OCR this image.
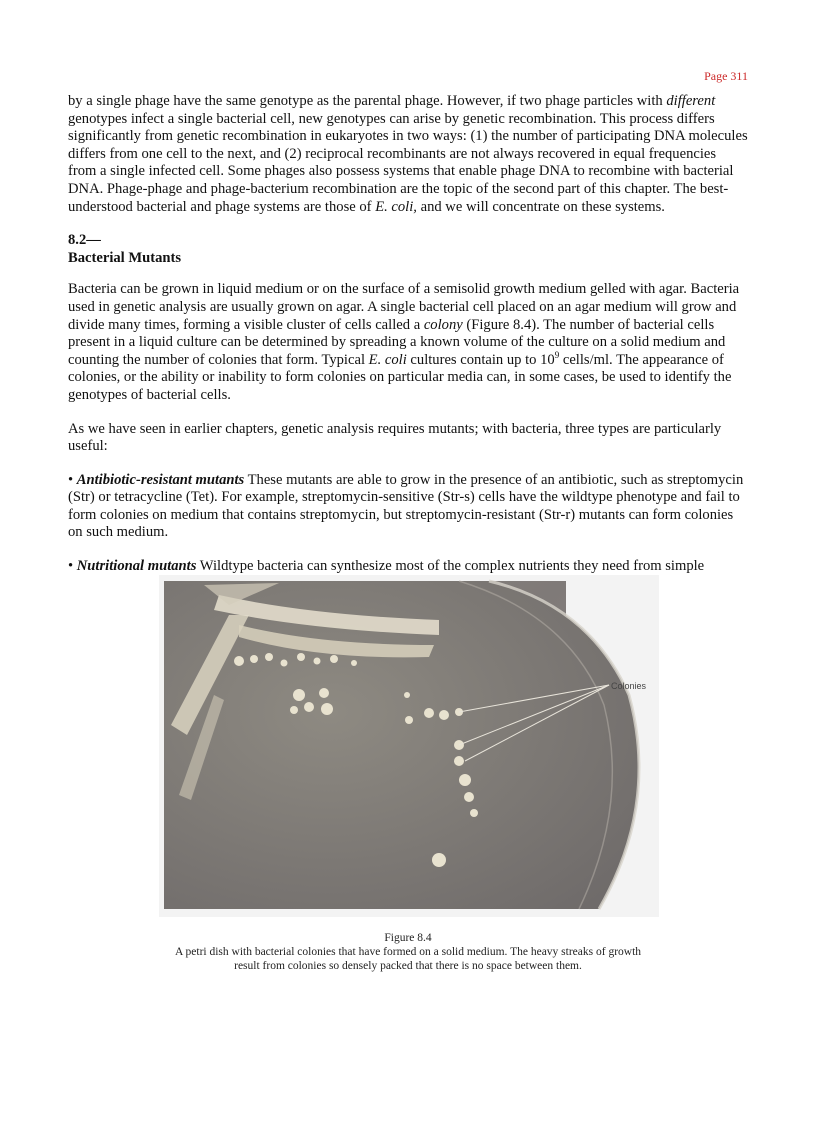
Page 311

by a single phage have the same genotype as the parental phage. However, if two phage particles with different genotypes infect a single bacterial cell, new genotypes can arise by genetic recombination. This process differs significantly from genetic recombination in eukaryotes in two ways: (1) the number of participating DNA molecules differs from one cell to the next, and (2) reciprocal recombinants are not always recovered in equal frequencies from a single infected cell. Some phages also possess systems that enable phage DNA to recombine with bacterial DNA. Phage-phage and phage-bacterium recombination are the topic of the second part of this chapter. The best-understood bacterial and phage systems are those of E. coli, and we will concentrate on these systems.

8.2—
Bacterial Mutants

Bacteria can be grown in liquid medium or on the surface of a semisolid growth medium gelled with agar. Bacteria used in genetic analysis are usually grown on agar. A single bacterial cell placed on an agar medium will grow and divide many times, forming a visible cluster of cells called a colony (Figure 8.4). The number of bacterial cells present in a liquid culture can be determined by spreading a known volume of the culture on a solid medium and counting the number of colonies that form. Typical E. coli cultures contain up to $10^9$ cells/ml. The appearance of colonies, or the ability or inability to form colonies on particular media can, in some cases, be used to identify the genotypes of bacterial cells.

As we have seen in earlier chapters, genetic analysis requires mutants; with bacteria, three types are particularly useful:

• Antibiotic-resistant mutants These mutants are able to grow in the presence of an antibiotic, such as streptomycin (Str) or tetracycline (Tet). For example, streptomycin-sensitive (Str-s) cells have the wildtype phenotype and fail to form colonies on medium that contains streptomycin, but streptomycin-resistant (Str-r) mutants can form colonies on such medium.

• Nutritional mutants Wildtype bacteria can synthesize most of the complex nutrients they need from simple

Colonies
Figure 8.4
A petri dish with bacterial colonies that have formed on a solid medium. The heavy streaks of growth
result from colonies so densely packed that there is no space between them.
